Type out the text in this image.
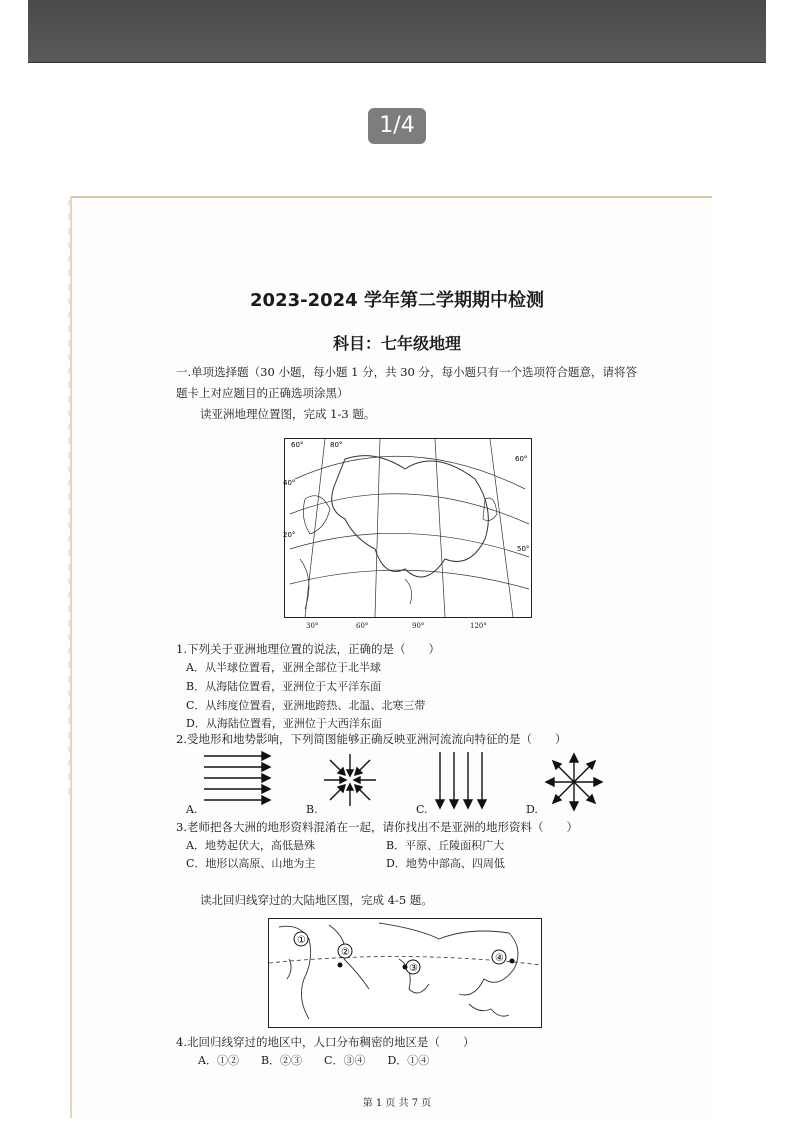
1/4
2023-2024 学年第二学期期中检测
科目：七年级地理
一.单项选择题（30 小题，每小题 1 分，共 30 分，每小题只有一个选项符合题意，请将答
题卡上对应题目的正确选项涂黑）
读亚洲地理位置图，完成 1-3 题。
60°	80°
60°
40°
20°
50°
30°	60°	90°	120°
1.下列关于亚洲地理位置的说法，正确的是（　　）
A．从半球位置看，亚洲全部位于北半球
B．从海陆位置看，亚洲位于太平洋东面
C．从纬度位置看，亚洲地跨热、北温、北寒三带
D．从海陆位置看，亚洲位于大西洋东面
2.受地形和地势影响，下列简图能够正确反映亚洲河流流向特征的是（　　）
A.	B.	C.	D.
3.老师把各大洲的地形资料混淆在一起，请你找出不是亚洲的地形资料（　　）
A．地势起伏大，高低悬殊	B．平原、丘陵面积广大
C．地形以高原、山地为主	D．地势中部高、四周低
读北回归线穿过的大陆地区图，完成 4-5 题。
①
②
③
④
4.北回归线穿过的地区中，人口分布稠密的地区是（　　）
A．①②　　B．②③　　C．③④　　D．①④
第 1 页 共 7 页
